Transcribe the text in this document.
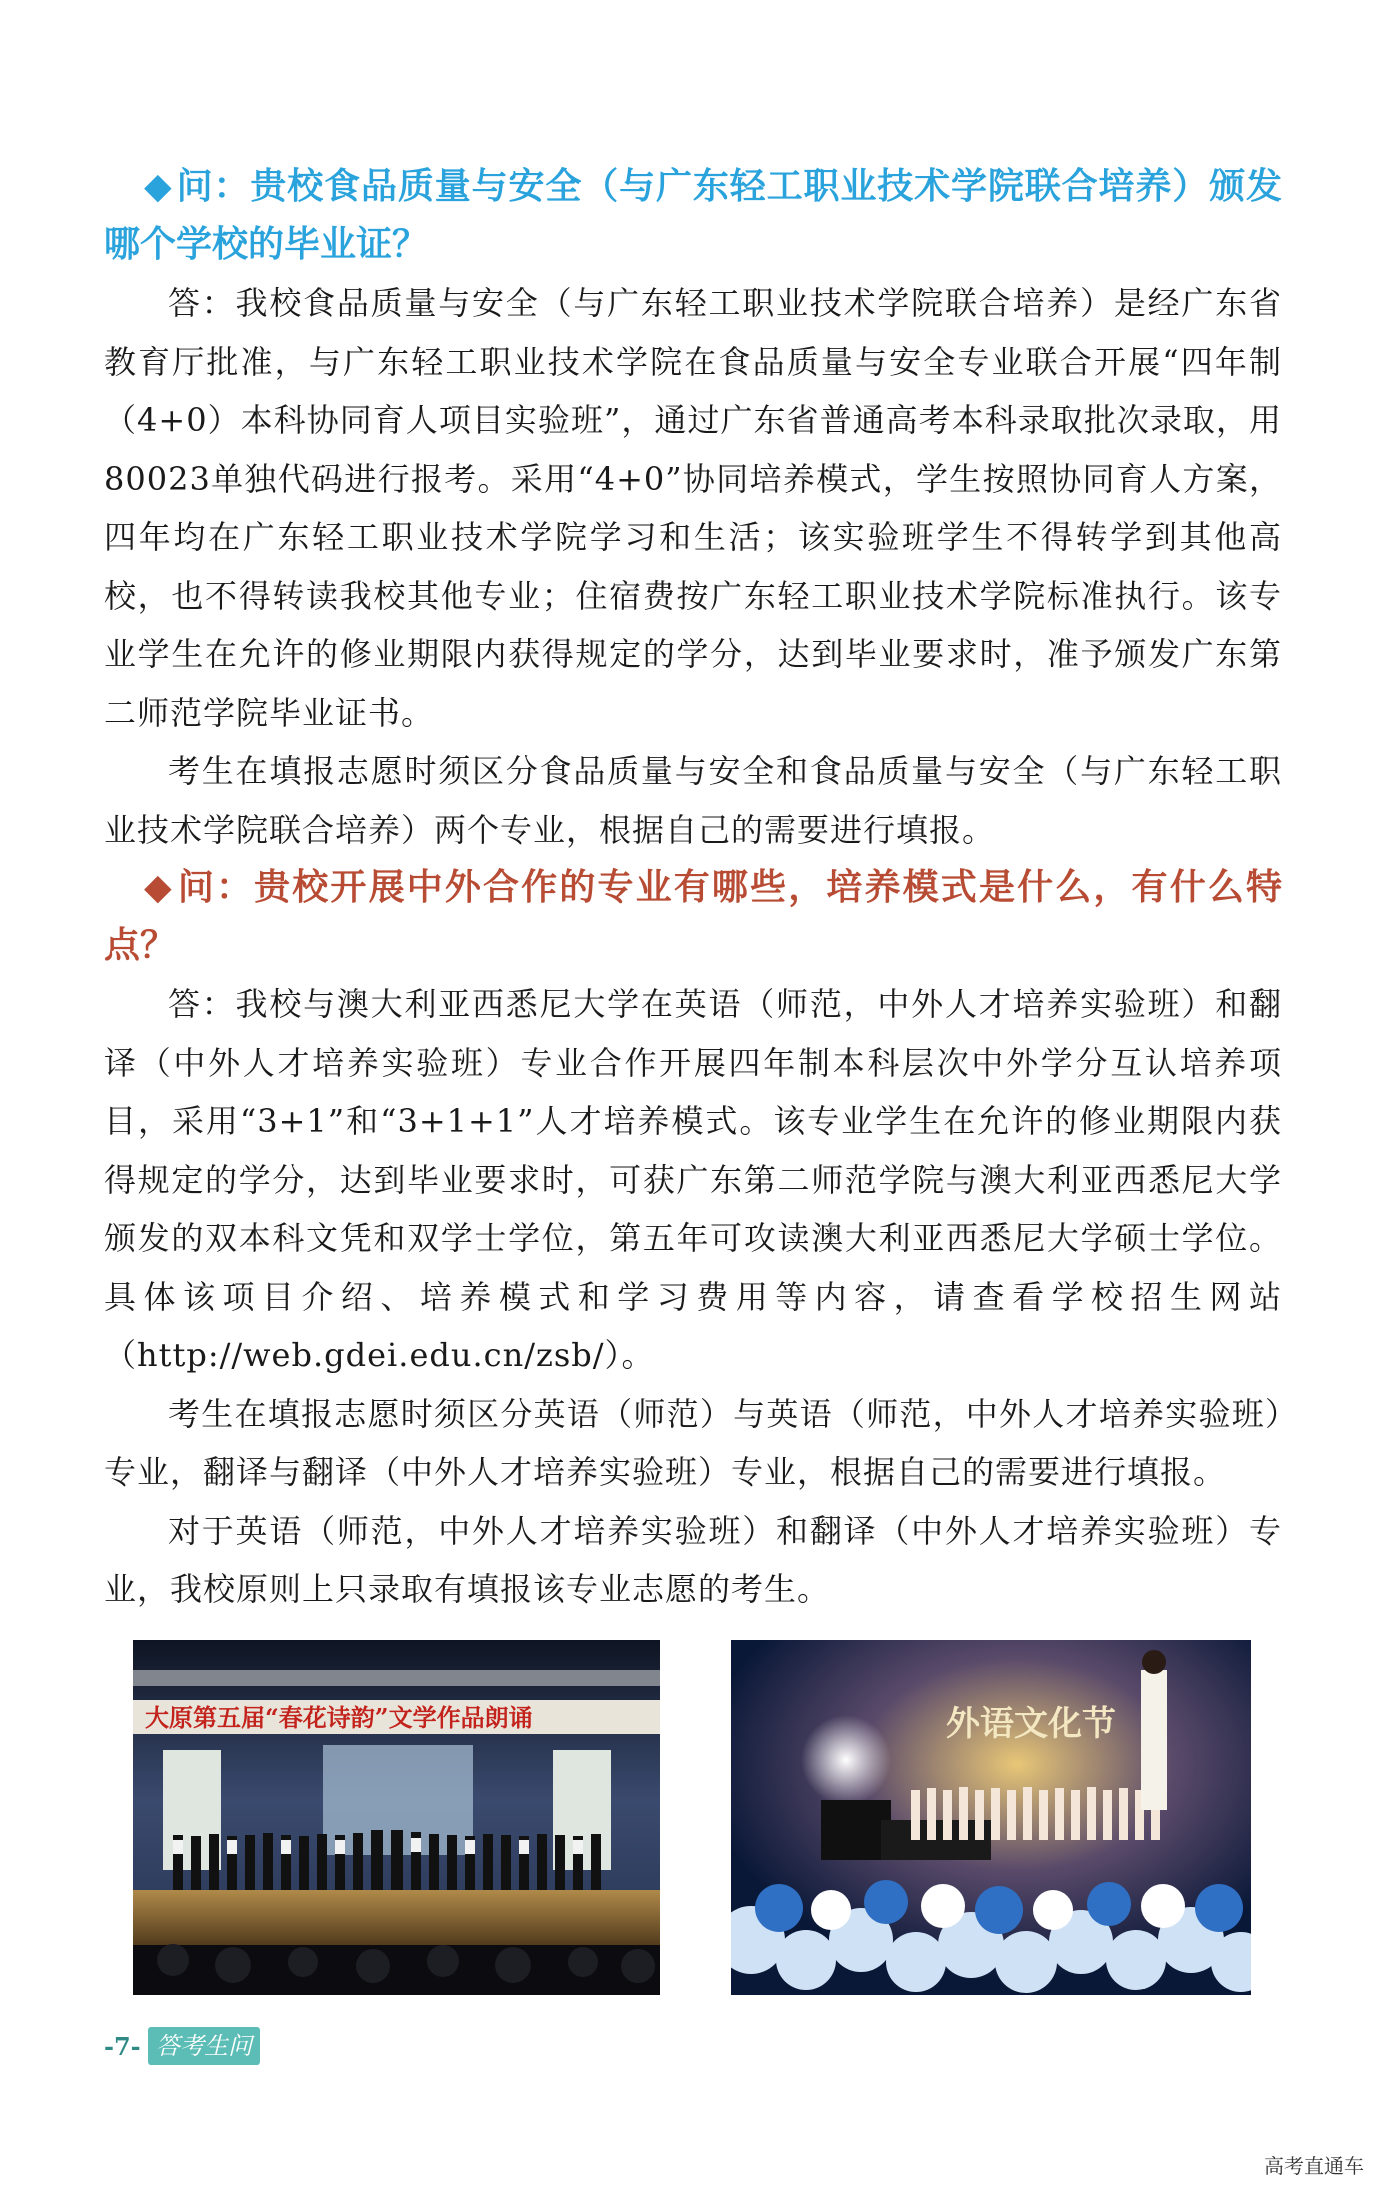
◆ 问：贵校食品质量与安全（与广东轻工职业技术学院联合培养）颁发哪个学校的毕业证？

答：我校食品质量与安全（与广东轻工职业技术学院联合培养）是经广东省教育厅批准，与广东轻工职业技术学院在食品质量与安全专业联合开展“四年制（4+0）本科协同育人项目实验班”，通过广东省普通高考本科录取批次录取，用80023单独代码进行报考。采用“4+0”协同培养模式，学生按照协同育人方案，四年均在广东轻工职业技术学院学习和生活；该实验班学生不得转学到其他高校，也不得转读我校其他专业；住宿费按广东轻工职业技术学院标准执行。该专业学生在允许的修业期限内获得规定的学分，达到毕业要求时，准予颁发广东第二师范学院毕业证书。

考生在填报志愿时须区分食品质量与安全和食品质量与安全（与广东轻工职业技术学院联合培养）两个专业，根据自己的需要进行填报。

◆ 问：贵校开展中外合作的专业有哪些，培养模式是什么，有什么特点？

答：我校与澳大利亚西悉尼大学在英语（师范，中外人才培养实验班）和翻译（中外人才培养实验班）专业合作开展四年制本科层次中外学分互认培养项目，采用“3+1”和“3+1+1”人才培养模式。该专业学生在允许的修业期限内获得规定的学分，达到毕业要求时，可获广东第二师范学院与澳大利亚西悉尼大学颁发的双本科文凭和双学士学位，第五年可攻读澳大利亚西悉尼大学硕士学位。具体该项目介绍、培养模式和学习费用等内容，请查看学校招生网站（http://web.gdei.edu.cn/zsb/）。

考生在填报志愿时须区分英语（师范）与英语（师范，中外人才培养实验班）专业，翻译与翻译（中外人才培养实验班）专业，根据自己的需要进行填报。

对于英语（师范，中外人才培养实验班）和翻译（中外人才培养实验班）专业，我校原则上只录取有填报该专业志愿的考生。

大原第五届“春花诗韵”文学作品朗诵	外语文化节
-7- 答考生问
高考直通车
